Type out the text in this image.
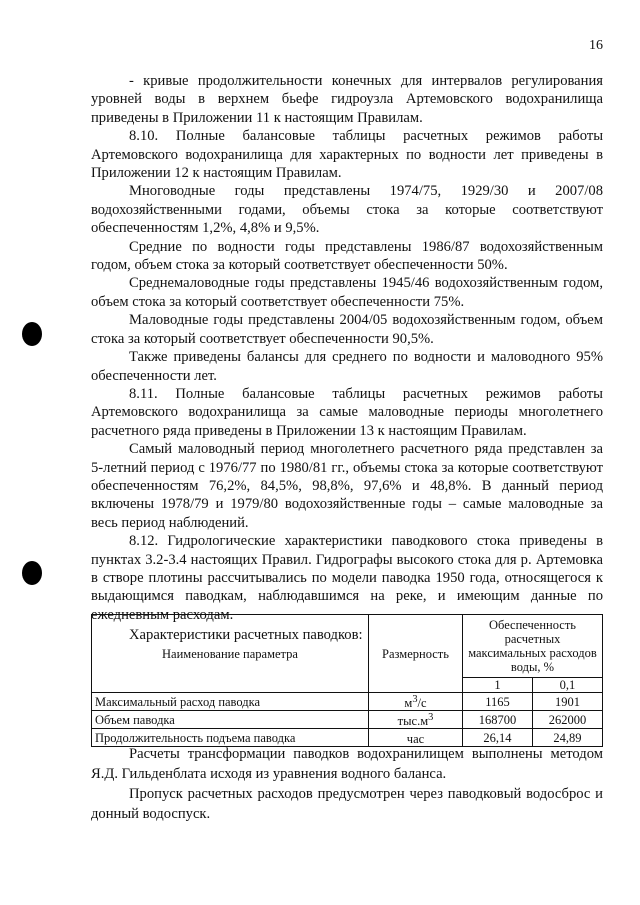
16

- кривые продолжительности конечных для интервалов регулирования уровней воды в верхнем бьефе гидроузла Артемовского водохранилища приведены в Приложении 11 к настоящим Правилам.

8.10. Полные балансовые таблицы расчетных режимов работы Артемовского водохранилища для характерных по водности лет приведены в Приложении 12 к настоящим Правилам.

Многоводные годы представлены 1974/75, 1929/30 и 2007/08 водохозяйственными годами, объемы стока за которые соответствуют обеспеченностям 1,2%, 4,8% и 9,5%.

Средние по водности годы представлены 1986/87 водохозяйственным годом, объем стока за который соответствует обеспеченности 50%.

Среднемаловодные годы представлены 1945/46 водохозяйственным годом, объем стока за который соответствует обеспеченности 75%.

Маловодные годы представлены 2004/05 водохозяйственным годом, объем стока за который соответствует обеспеченности 90,5%.

Также приведены балансы для среднего по водности и маловодного 95% обеспеченности лет.

8.11. Полные балансовые таблицы расчетных режимов работы Артемовского водохранилища за самые маловодные периоды многолетнего расчетного ряда приведены в Приложении 13 к настоящим Правилам.

Самый маловодный период многолетнего расчетного ряда представлен за 5-летний период с 1976/77 по 1980/81 гг., объемы стока за которые соответствуют обеспеченностям 76,2%, 84,5%, 98,8%, 97,6% и 48,8%. В данный период включены 1978/79 и 1979/80 водохозяйственные годы – самые маловодные за весь период наблюдений.

8.12. Гидрологические характеристики паводкового стока приведены в пунктах 3.2-3.4 настоящих Правил. Гидрографы высокого стока для р. Артемовка в створе плотины рассчитывались по модели паводка 1950 года, относящегося к выдающимся паводкам, наблюдавшимся на реке, и имеющим данные по ежедневным расходам.

Характеристики расчетных паводков:

Наименование параметра	Размерность	Обеспеченность расчетных максимальных расходов воды, %	
		1	0,1
Максимальный расход паводка	$м^3/с$	1165	1901
Объем паводка	$тыс.м^3$	168700	262000
Продолжительность подъема паводка	час	26,14	24,89

Расчеты трансформации паводков водохранилищем выполнены методом Я.Д. Гильденблата исходя из уравнения водного баланса.

Пропуск расчетных расходов предусмотрен через паводковый водосброс и донный водоспуск.
